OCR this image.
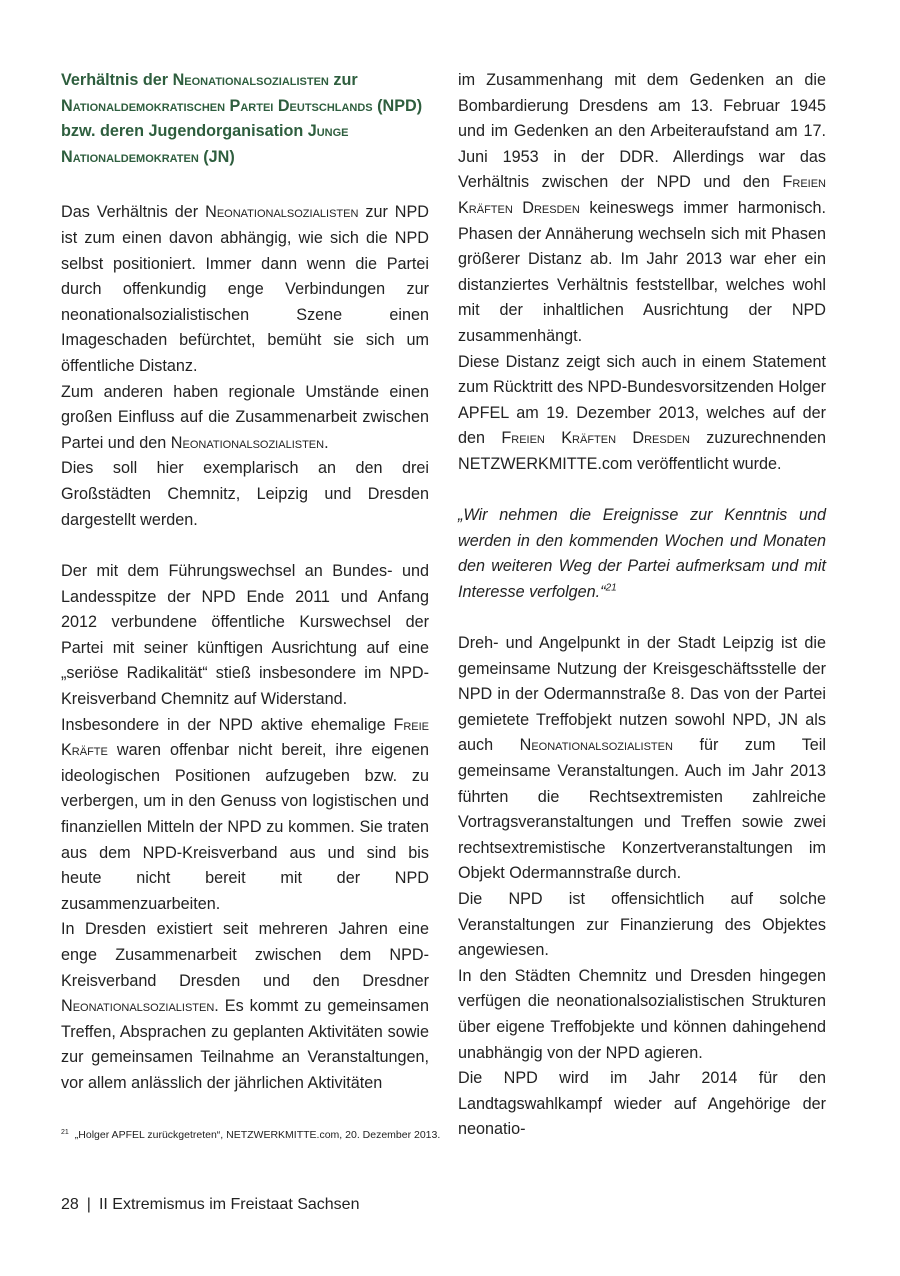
Verhältnis der Neonationalsozialisten zur Nationaldemokratischen Partei Deutschlands (NPD) bzw. deren Jugendorganisation Junge Nationaldemokraten (JN)

Das Verhältnis der Neonationalsozialisten zur NPD ist zum einen davon abhängig, wie sich die NPD selbst positioniert. Immer dann wenn die Partei durch offenkundig enge Verbindungen zur neonationalsozialistischen Szene einen Imageschaden befürchtet, bemüht sie sich um öffentliche Distanz.

Zum anderen haben regionale Umstände einen großen Einfluss auf die Zusammenarbeit zwischen Partei und den Neonationalsozialisten.

Dies soll hier exemplarisch an den drei Großstädten Chemnitz, Leipzig und Dresden dargestellt werden.

Der mit dem Führungswechsel an Bundes- und Landesspitze der NPD Ende 2011 und Anfang 2012 verbundene öffentliche Kurswechsel der Partei mit seiner künftigen Ausrichtung auf eine „seriöse Radikalität“ stieß insbesondere im NPD-Kreisverband Chemnitz auf Widerstand.

Insbesondere in der NPD aktive ehemalige Freie Kräfte waren offenbar nicht bereit, ihre eigenen ideologischen Positionen aufzugeben bzw. zu verbergen, um in den Genuss von logistischen und finanziellen Mitteln der NPD zu kommen. Sie traten aus dem NPD-Kreisverband aus und sind bis heute nicht bereit mit der NPD zusammenzuarbeiten.

In Dresden existiert seit mehreren Jahren eine enge Zusammenarbeit zwischen dem NPD-Kreisverband Dresden und den Dresdner Neonationalsozialisten. Es kommt zu gemeinsamen Treffen, Absprachen zu geplanten Aktivitäten sowie zur gemeinsamen Teilnahme an Veranstaltungen, vor allem anlässlich der jährlichen Aktivitäten

im Zusammenhang mit dem Gedenken an die Bombardierung Dresdens am 13. Februar 1945 und im Gedenken an den Arbeiteraufstand am 17. Juni 1953 in der DDR. Allerdings war das Verhältnis zwischen der NPD und den Freien Kräften Dresden keineswegs immer harmonisch. Phasen der Annäherung wechseln sich mit Phasen größerer Distanz ab. Im Jahr 2013 war eher ein distanziertes Verhältnis feststellbar, welches wohl mit der inhaltlichen Ausrichtung der NPD zusammenhängt.

Diese Distanz zeigt sich auch in einem Statement zum Rücktritt des NPD-Bundesvorsitzenden Holger APFEL am 19. Dezember 2013, welches auf der den Freien Kräften Dresden zuzurechnenden NETZWERKMITTE.com veröffentlicht wurde.

„Wir nehmen die Ereignisse zur Kenntnis und werden in den kommenden Wochen und Monaten den weiteren Weg der Partei aufmerksam und mit Interesse verfolgen.“$^{21}$

Dreh- und Angelpunkt in der Stadt Leipzig ist die gemeinsame Nutzung der Kreisgeschäftsstelle der NPD in der Odermannstraße 8. Das von der Partei gemietete Treffobjekt nutzen sowohl NPD, JN als auch Neonationalsozialisten für zum Teil gemeinsame Veranstaltungen. Auch im Jahr 2013 führten die Rechtsextremisten zahlreiche Vortragsveranstaltungen und Treffen sowie zwei rechtsextremistische Konzertveranstaltungen im Objekt Odermannstraße durch.

Die NPD ist offensichtlich auf solche Veranstaltungen zur Finanzierung des Objektes angewiesen.

In den Städten Chemnitz und Dresden hingegen verfügen die neonationalsozialistischen Strukturen über eigene Treffobjekte und können dahingehend unabhängig von der NPD agieren.

Die NPD wird im Jahr 2014 für den Landtagswahlkampf wieder auf Angehörige der neonatio-

$^{21}$ „Holger APFEL zurückgetreten“, NETZWERKMITTE.com, 20. Dezember 2013.
28 | II Extremismus im Freistaat Sachsen
